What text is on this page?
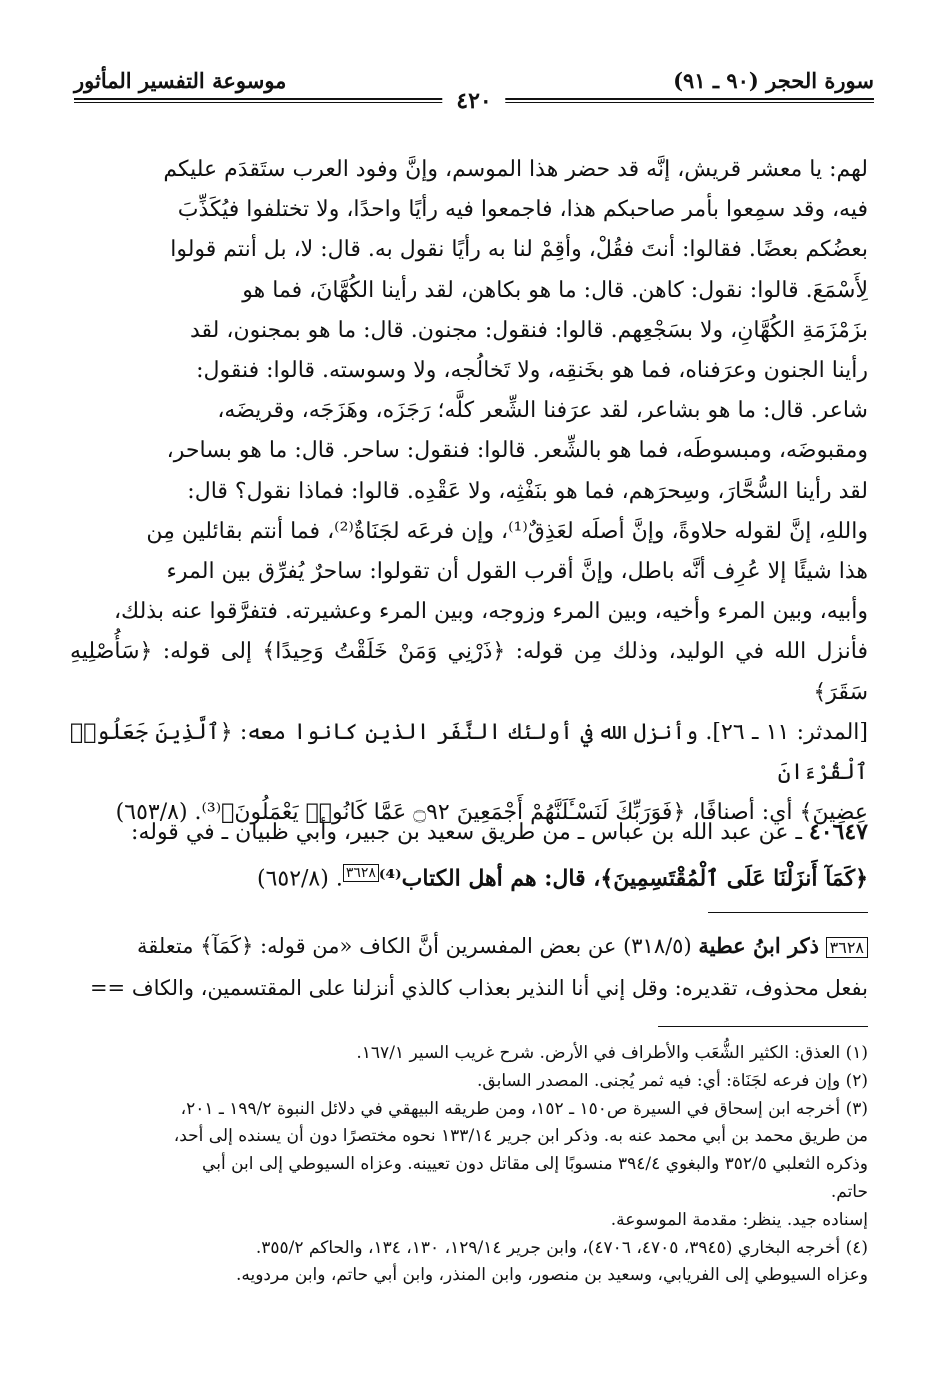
سورة الحجر (٩٠ ـ ٩١)
موسوعة التفسير المأثور
٤٢٠

لهم: يا معشر قريش، إنَّه قد حضر هذا الموسم، وإنَّ وفود العرب ستَقدَم عليكم

فيه، وقد سمِعوا بأمر صاحبكم هذا، فاجمعوا فيه رأيًا واحدًا، ولا تختلفوا فيُكَذِّبَ

بعضُكم بعضًا. فقالوا: أنتَ فقُلْ، وأقِمْ لنا به رأيًا نقول به. قال: لا، بل أنتم قولوا

لِأَسْمَعَ. قالوا: نقول: كاهن. قال: ما هو بكاهن، لقد رأينا الكُهَّانَ، فما هو

بزَمْزَمَةِ الكُهَّانِ، ولا بسَجْعِهم. قالوا: فنقول: مجنون. قال: ما هو بمجنون، لقد

رأينا الجنون وعرَفناه، فما هو بخَنقِه، ولا تَخالُجه، ولا وسوسته. قالوا: فنقول:

شاعر. قال: ما هو بشاعر، لقد عرَفنا الشِّعر كلَّه؛ رَجَزَه، وهَزَجَه، وقريضَه،

ومقبوضَه، ومبسوطَه، فما هو بالشِّعر. قالوا: فنقول: ساحر. قال: ما هو بساحر،

لقد رأينا السُّحَّارَ، وسِحرَهم، فما هو بنَفْثِه، ولا عَقْدِه. قالوا: فماذا نقول؟ قال:

واللهِ، إنَّ لقوله حلاوةً، وإنَّ أصلَه لعَذِقٌ⁽¹⁾، وإن فرعَه لجَنَاةٌ⁽²⁾، فما أنتم بقائلين مِن

هذا شيئًا إلا عُرِف أنَّه باطل، وإنَّ أقرب القول أن تقولوا: ساحرٌ يُفرِّق بين المرء

وأبيه، وبين المرء وأخيه، وبين المرء وزوجه، وبين المرء وعشيرته. فتفرَّقوا عنه بذلك،

فأنزل الله في الوليد، وذلك مِن قوله: ﴿ذَرْنِي وَمَنْ خَلَقْتُ وَحِيدًا﴾ إلى قوله: ﴿سَأُصْلِيهِ سَقَرَ﴾

[المدثر: ١١ ـ ٢٦]. وأنزل الله في أولئك النَّفَر الذين كانوا معه: ﴿ٱلَّذِينَ جَعَلُوا۟ ٱلْقُرْءَانَ

عِضِينَ﴾ أي: أصنافًا، ﴿فَوَرَبِّكَ لَنَسْـَٔلَنَّهُمْ أَجْمَعِينَ ۝٩٢ عَمَّا كَانُوا۟ يَعْمَلُونَ﴾⁽³⁾. (٦٥٣/٨)

٤٠٦٤٧ ـ عن عبد الله بن عباس ـ من طريق سعيد بن جبير، وأبي ظبيان ـ في قوله:

﴿كَمَآ أَنزَلْنَا عَلَى ٱلْمُقْتَسِمِينَ﴾، قال: هم أهل الكتاب⁽⁴⁾$^{٣٦٢٨}$. (٦٥٢/٨)

٣٦٢٨ ذكر ابنُ عطية (٣١٨/٥) عن بعض المفسرين أنَّ الكاف «من قوله: ﴿كَمَآ﴾ متعلقة
بفعل محذوف، تقديره: وقل إني أنا النذير بعذاب كالذي أنزلنا على المقتسمين، والكاف ==
(١) العذق: الكثير الشُّعَب والأطراف في الأرض. شرح غريب السير ١٦٧/١.
(٢) وإن فرعه لجَنَاة: أي: فيه ثمر يُجنى. المصدر السابق.
(٣) أخرجه ابن إسحاق في السيرة ص١٥٠ ـ ١٥٢، ومن طريقه البيهقي في دلائل النبوة ١٩٩/٢ ـ ٢٠١،
من طريق محمد بن أبي محمد عنه به. وذكر ابن جرير ١٣٣/١٤ نحوه مختصرًا دون أن يسنده إلى أحد،
وذكره الثعلبي ٣٥٢/٥ والبغوي ٣٩٤/٤ منسوبًا إلى مقاتل دون تعيينه. وعزاه السيوطي إلى ابن أبي
حاتم.
إسناده جيد. ينظر: مقدمة الموسوعة.
(٤) أخرجه البخاري (٣٩٤٥، ٤٧٠٥، ٤٧٠٦)، وابن جرير ١٢٩/١٤، ١٣٠، ١٣٤، والحاكم ٣٥٥/٢.
وعزاه السيوطي إلى الفريابي، وسعيد بن منصور، وابن المنذر، وابن أبي حاتم، وابن مردويه.
